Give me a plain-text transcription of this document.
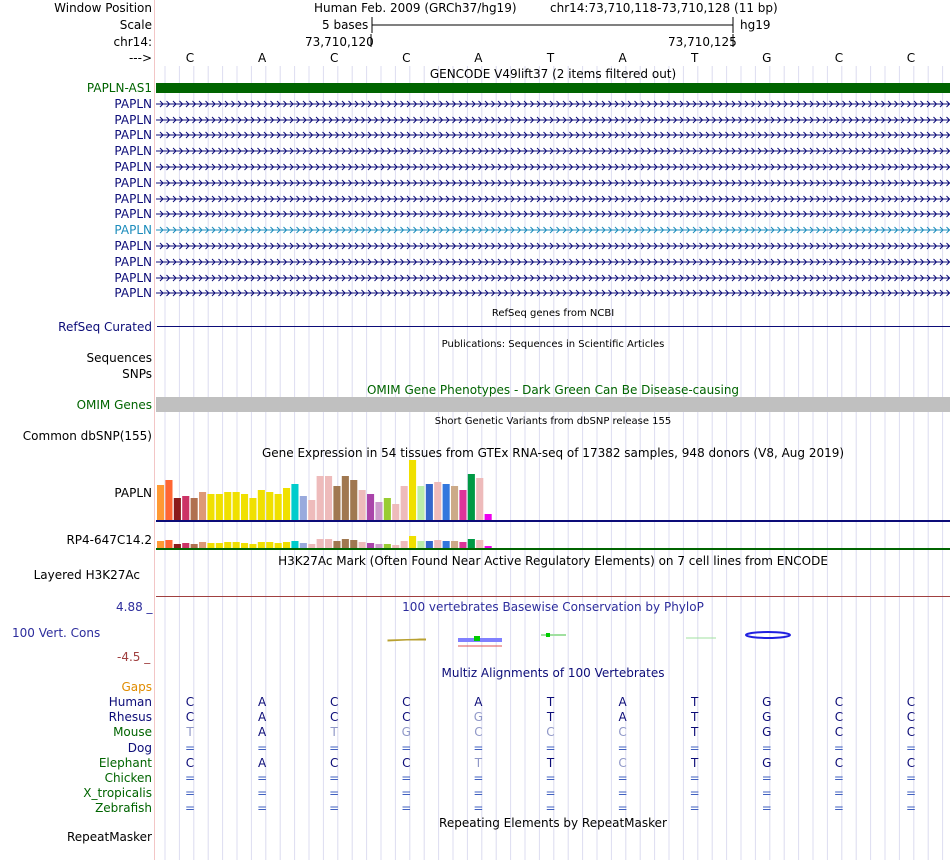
Window Position	Human Feb. 2009 (GRCh37/hg19)	chr14:73,710,118-73,710,128 (11 bp)
Scale	5 bases	hg19
chr14:	73,710,120	73,710,125
--->	C	A	C	C	A	T	A	T	G	C	C
GENCODE V49lift37 (2 items filtered out)
PAPLN-AS1
PAPLN
PAPLN
PAPLN
PAPLN
PAPLN
PAPLN
PAPLN
PAPLN
PAPLN
PAPLN
PAPLN
PAPLN
PAPLN
RefSeq genes from NCBI
RefSeq Curated
Publications: Sequences in Scientific Articles
Sequences
SNPs
OMIM Gene Phenotypes - Dark Green Can Be Disease-causing
OMIM Genes
Short Genetic Variants from dbSNP release 155
Common dbSNP(155)
Gene Expression in 54 tissues from GTEx RNA-seq of 17382 samples, 948 donors (V8, Aug 2019)
PAPLN
RP4-647C14.2
H3K27Ac Mark (Often Found Near Active Regulatory Elements) on 7 cell lines from ENCODE
Layered H3K27Ac
100 vertebrates Basewise Conservation by PhyloP
4.88 _
100 Vert. Cons
-4.5 _
Multiz Alignments of 100 Vertebrates
Gaps
Human	C	A	C	C	A	T	A	T	G	C	C
Rhesus	C	A	C	C	G	T	A	T	G	C	C
Mouse	T	A	T	G	C	C	C	T	G	C	C
Dog	=	=	=	=	=	=	=	=	=	=	=
Elephant	C	A	C	C	T	T	C	T	G	C	C
Chicken	=	=	=	=	=	=	=	=	=	=	=
X_tropicalis	=	=	=	=	=	=	=	=	=	=	=
Zebrafish	=	=	=	=	=	=	=	=	=	=	=
Repeating Elements by RepeatMasker
RepeatMasker
